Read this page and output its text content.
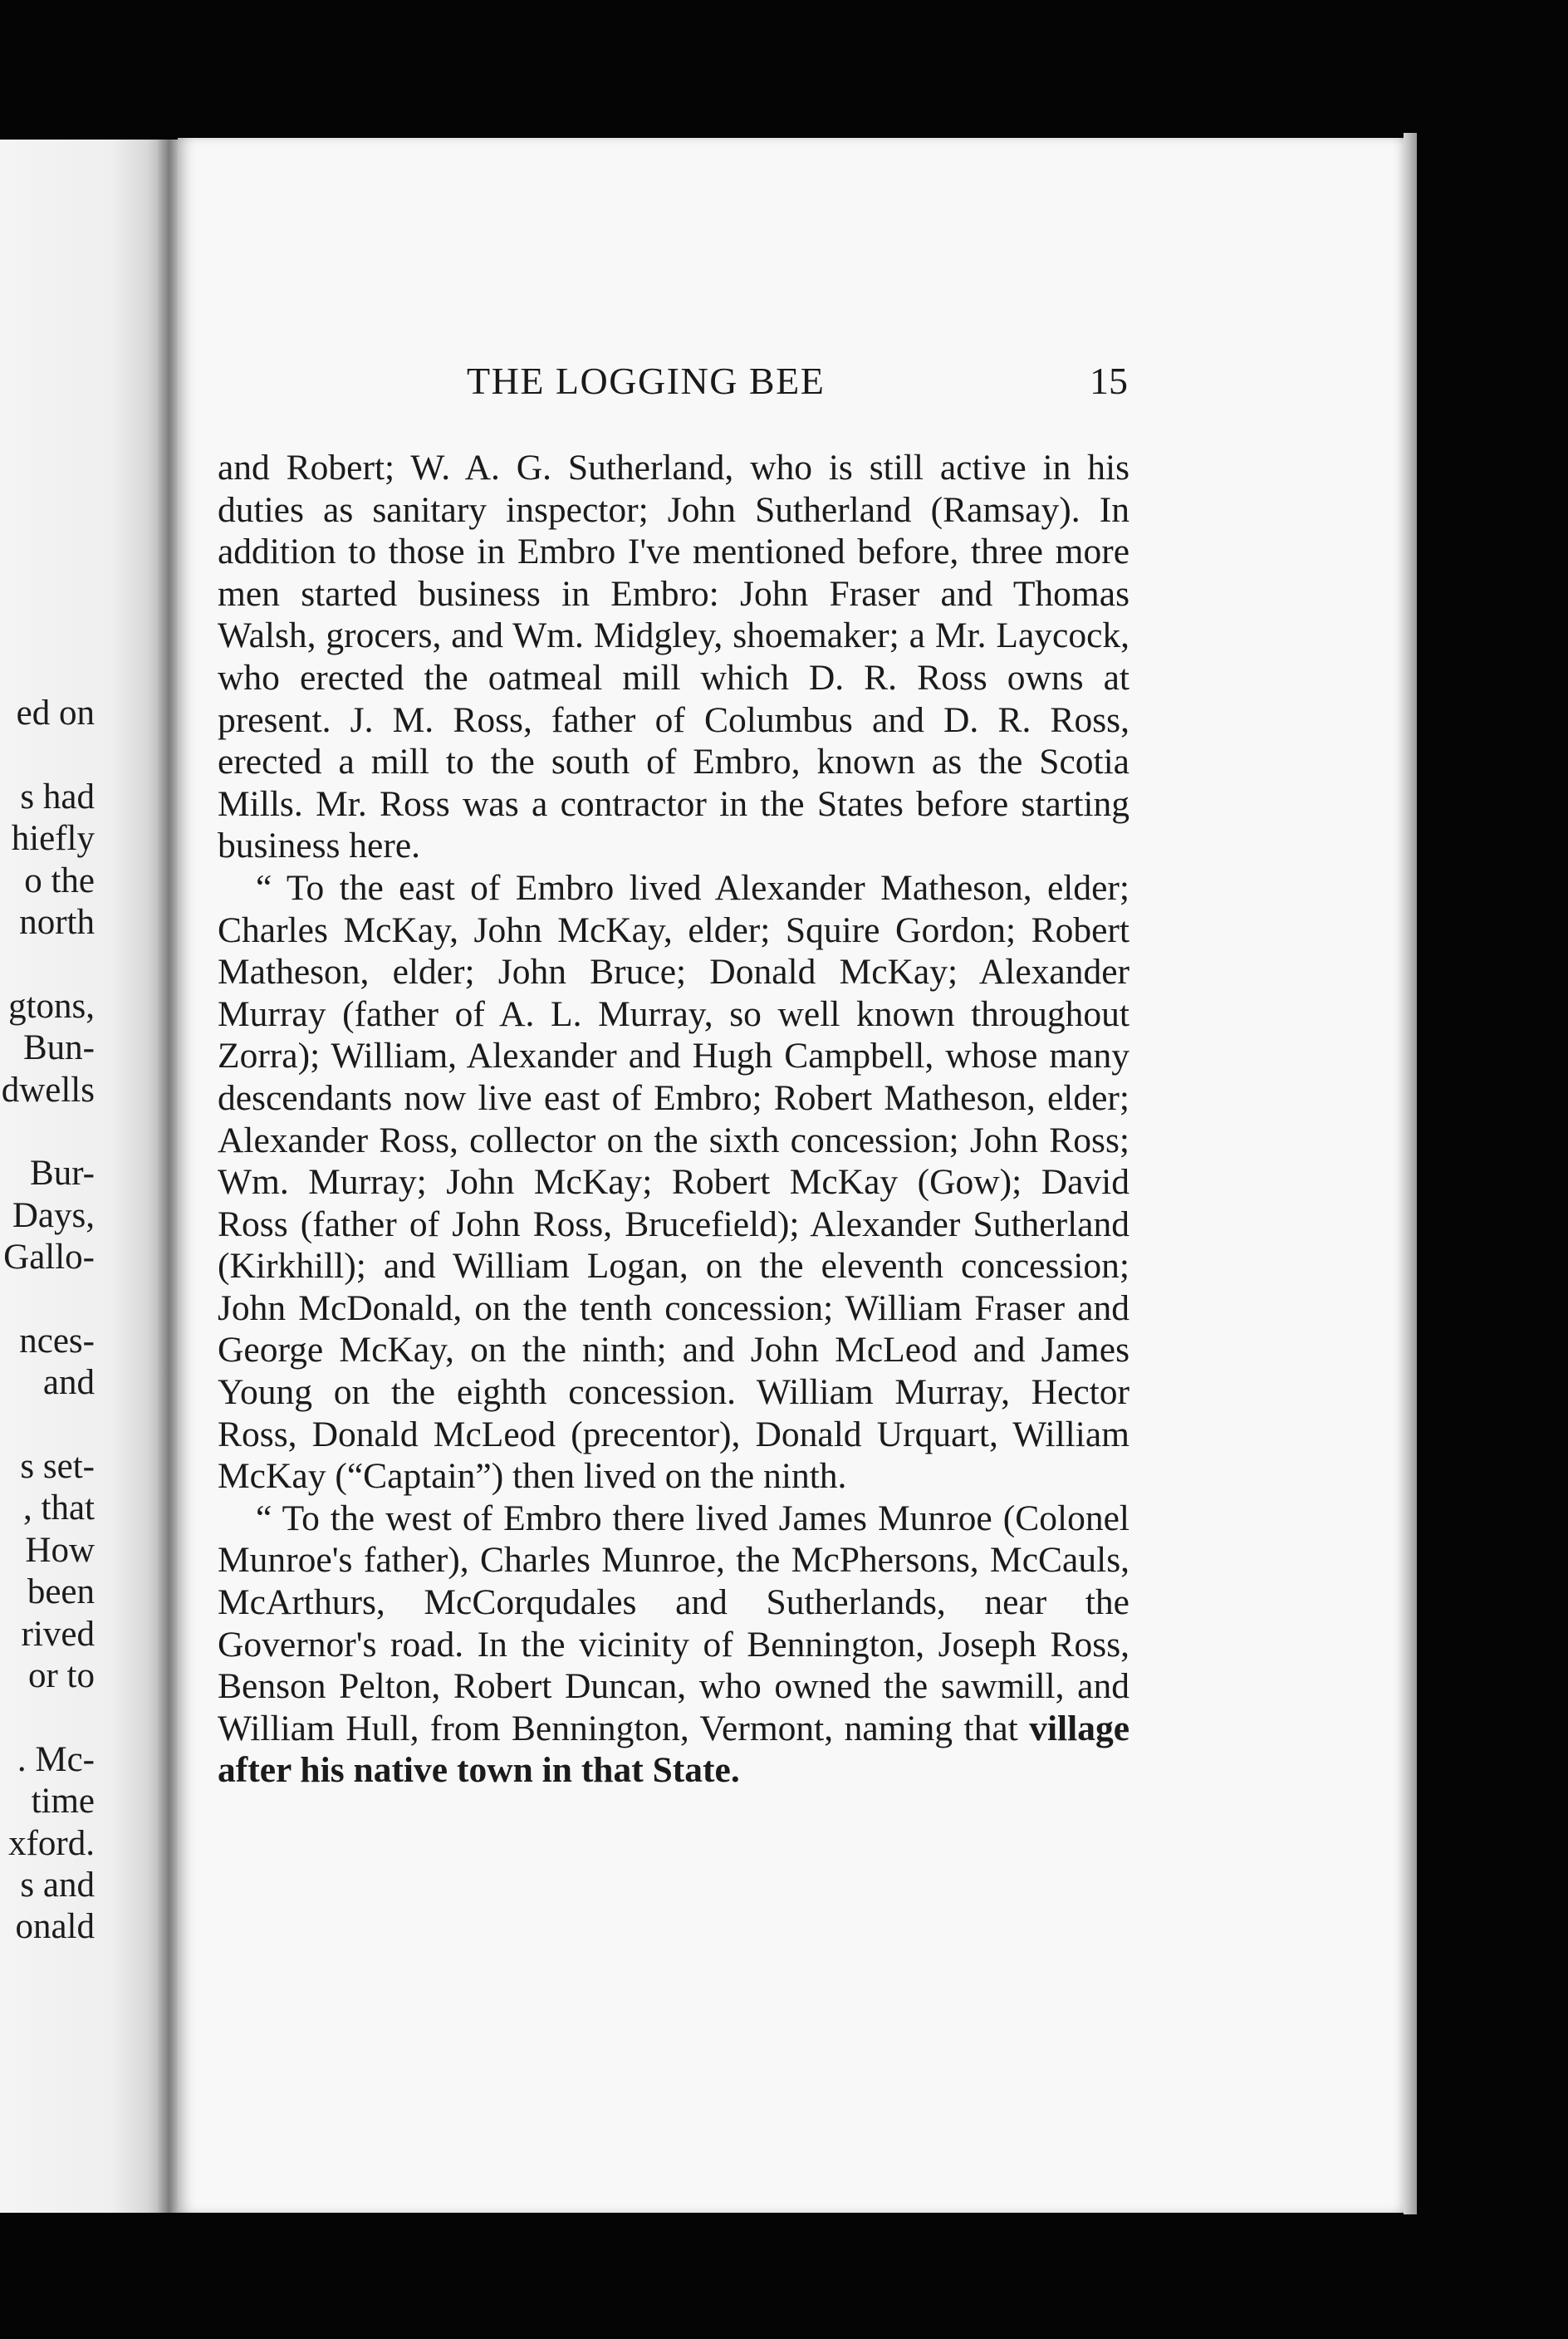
ed on
s had
hiefly
o the
north
gtons,
Bun-
dwells
Bur-
Days,
Gallo-
nces-
and
s set-
, that
How
been
rived
or to
. Mc-
time
xford.
s and
onald
THE LOGGING BEE	15

and Robert; W. A. G. Sutherland, who is still active in his duties as sanitary inspector; John Sutherland (Ramsay). In addition to those in Embro I've mentioned before, three more men started business in Embro: John Fraser and Thomas Walsh, grocers, and Wm. Midgley, shoemaker; a Mr. Laycock, who erected the oatmeal mill which D. R. Ross owns at present. J. M. Ross, father of Columbus and D. R. Ross, erected a mill to the south of Embro, known as the Scotia Mills. Mr. Ross was a contractor in the States before starting business here.

“ To the east of Embro lived Alexander Matheson, elder; Charles McKay, John McKay, elder; Squire Gordon; Robert Matheson, elder; John Bruce; Donald McKay; Alexander Murray (father of A. L. Murray, so well known throughout Zorra); William, Alexander and Hugh Campbell, whose many descendants now live east of Embro; Robert Matheson, elder; Alexander Ross, collector on the sixth concession; John Ross; Wm. Murray; John McKay; Robert McKay (Gow); David Ross (father of John Ross, Brucefield); Alexander Sutherland (Kirkhill); and William Logan, on the eleventh concession; John McDonald, on the tenth concession; William Fraser and George McKay, on the ninth; and John McLeod and James Young on the eighth concession. William Murray, Hector Ross, Donald McLeod (precentor), Donald Urquart, William McKay (“Captain”) then lived on the ninth.

“ To the west of Embro there lived James Munroe (Colonel Munroe's father), Charles Munroe, the McPhersons, McCauls, McArthurs, McCorqudales and Sutherlands, near the Governor's road. In the vicinity of Bennington, Joseph Ross, Benson Pelton, Robert Duncan, who owned the sawmill, and William Hull, from Bennington, Vermont, naming that village after his native town in that State.
